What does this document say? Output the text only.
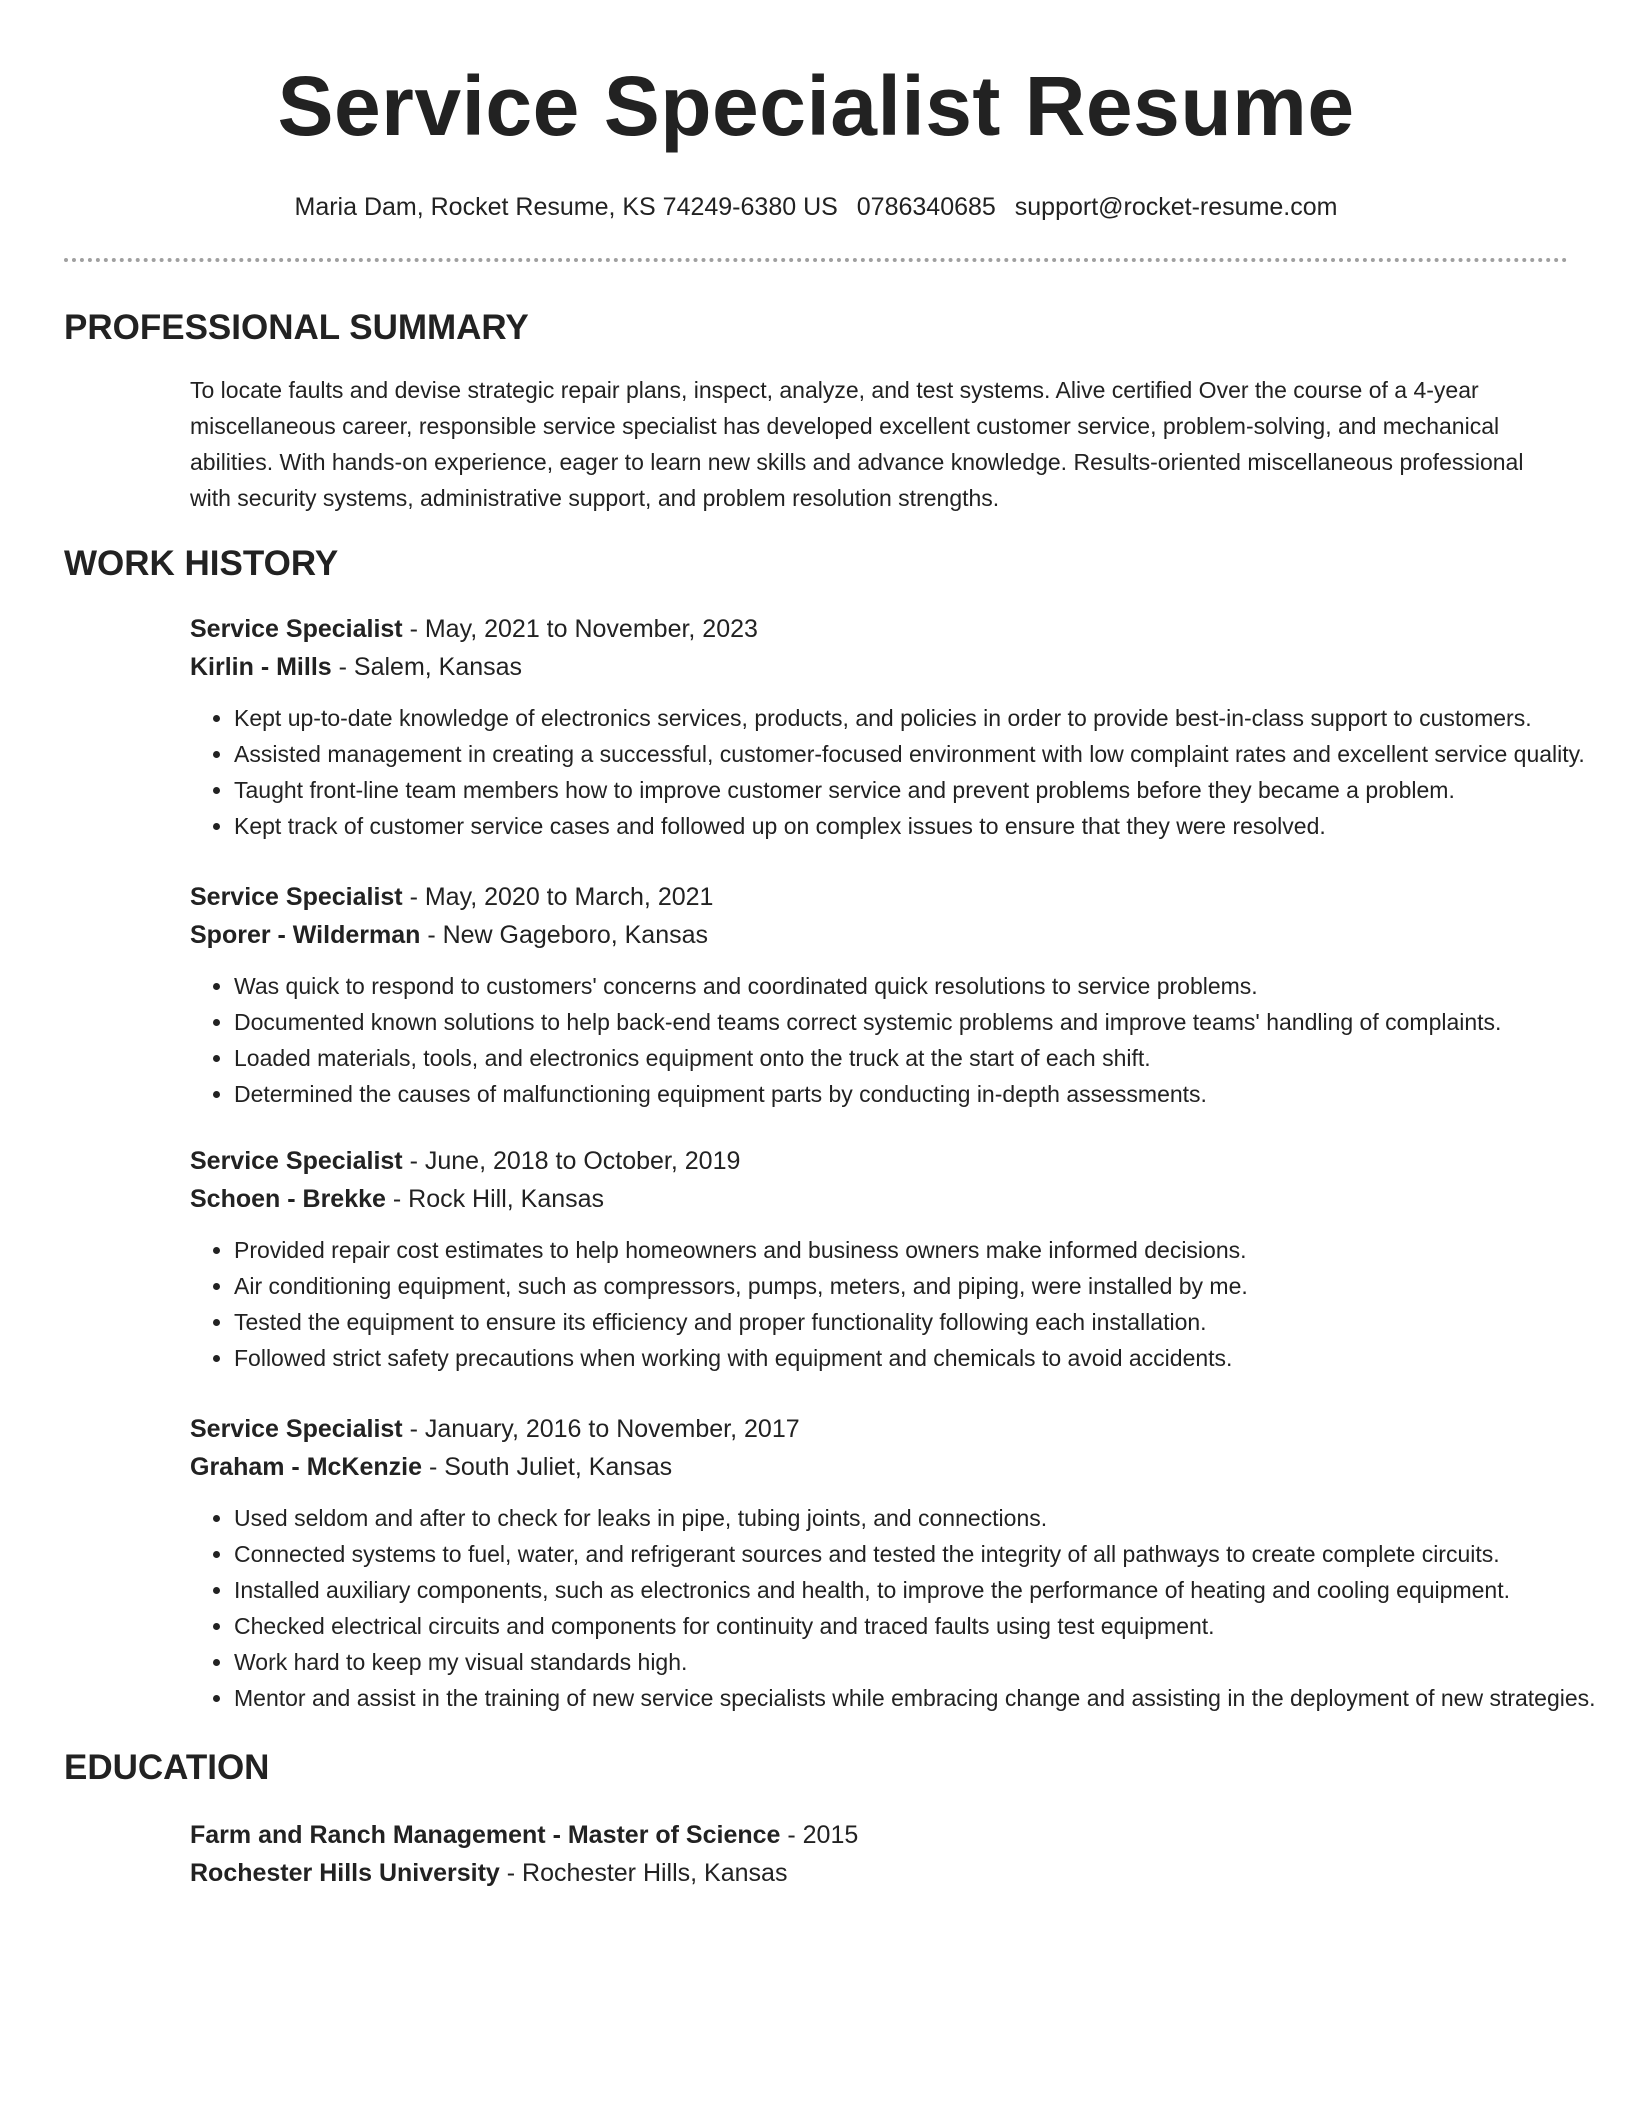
Service Specialist Resume
Maria Dam, Rocket Resume, KS 74249-6380 US 0786340685 support@rocket-resume.com
PROFESSIONAL SUMMARY

To locate faults and devise strategic repair plans, inspect, analyze, and test systems. Alive certified Over the course of a 4-year miscellaneous career, responsible service specialist has developed excellent customer service, problem-solving, and mechanical abilities. With hands-on experience, eager to learn new skills and advance knowledge. Results-oriented miscellaneous professional with security systems, administrative support, and problem resolution strengths.

WORK HISTORY
Service Specialist - May, 2021 to November, 2023
Kirlin - Mills - Salem, Kansas
• Kept up-to-date knowledge of electronics services, products, and policies in order to provide best-in-class support to customers.
• Assisted management in creating a successful, customer-focused environment with low complaint rates and excellent service quality.
• Taught front-line team members how to improve customer service and prevent problems before they became a problem.
• Kept track of customer service cases and followed up on complex issues to ensure that they were resolved.
Service Specialist - May, 2020 to March, 2021
Sporer - Wilderman - New Gageboro, Kansas
• Was quick to respond to customers' concerns and coordinated quick resolutions to service problems.
• Documented known solutions to help back-end teams correct systemic problems and improve teams' handling of complaints.
• Loaded materials, tools, and electronics equipment onto the truck at the start of each shift.
• Determined the causes of malfunctioning equipment parts by conducting in-depth assessments.
Service Specialist - June, 2018 to October, 2019
Schoen - Brekke - Rock Hill, Kansas
• Provided repair cost estimates to help homeowners and business owners make informed decisions.
• Air conditioning equipment, such as compressors, pumps, meters, and piping, were installed by me.
• Tested the equipment to ensure its efficiency and proper functionality following each installation.
• Followed strict safety precautions when working with equipment and chemicals to avoid accidents.
Service Specialist - January, 2016 to November, 2017
Graham - McKenzie - South Juliet, Kansas
• Used seldom and after to check for leaks in pipe, tubing joints, and connections.
• Connected systems to fuel, water, and refrigerant sources and tested the integrity of all pathways to create complete circuits.
• Installed auxiliary components, such as electronics and health, to improve the performance of heating and cooling equipment.
• Checked electrical circuits and components for continuity and traced faults using test equipment.
• Work hard to keep my visual standards high.
• Mentor and assist in the training of new service specialists while embracing change and assisting in the deployment of new strategies.
EDUCATION
Farm and Ranch Management - Master of Science - 2015
Rochester Hills University - Rochester Hills, Kansas
